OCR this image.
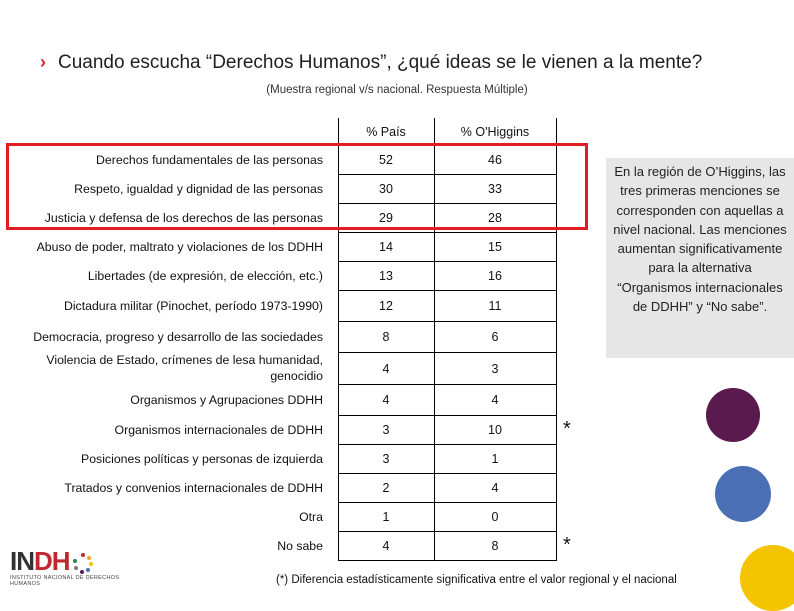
› Cuando escucha “Derechos Humanos”, ¿qué ideas se le vienen a la mente?
(Muestra regional v/s nacional. Respuesta Múltiple)
% País
52
30
29
14
13
12
8
4
4
3
3
2
1
4
% O'Higgins
46
33
28
15
16
11
6
3
4
10
1
4
0
8
Derechos fundamentales de las personas
Respeto, igualdad y dignidad de las personas
Justicia y defensa de los derechos de las personas
Abuso de poder, maltrato y violaciones de los DDHH
Libertades (de expresión, de elección, etc.)
Dictadura militar (Pinochet, período 1973-1990)
Democracia, progreso y desarrollo de las sociedades
Violencia de Estado, crímenes de lesa humanidad,
genocidio
Organismos y Agrupaciones DDHH
Organismos internacionales de DDHH
Posiciones políticas y personas de izquierda
Tratados y convenios internacionales de DDHH
Otra
No sabe
En la región de O’Higgins, las tres primeras menciones se corresponden con aquellas a nivel nacional. Las menciones aumentan significativamente para la alternativa “Organismos internacionales de DDHH” y “No sabe”.
*
*
(*) Diferencia estadísticamente significativa entre el valor regional y el nacional
INDH
INSTITUTO NACIONAL DE DERECHOS HUMANOS
